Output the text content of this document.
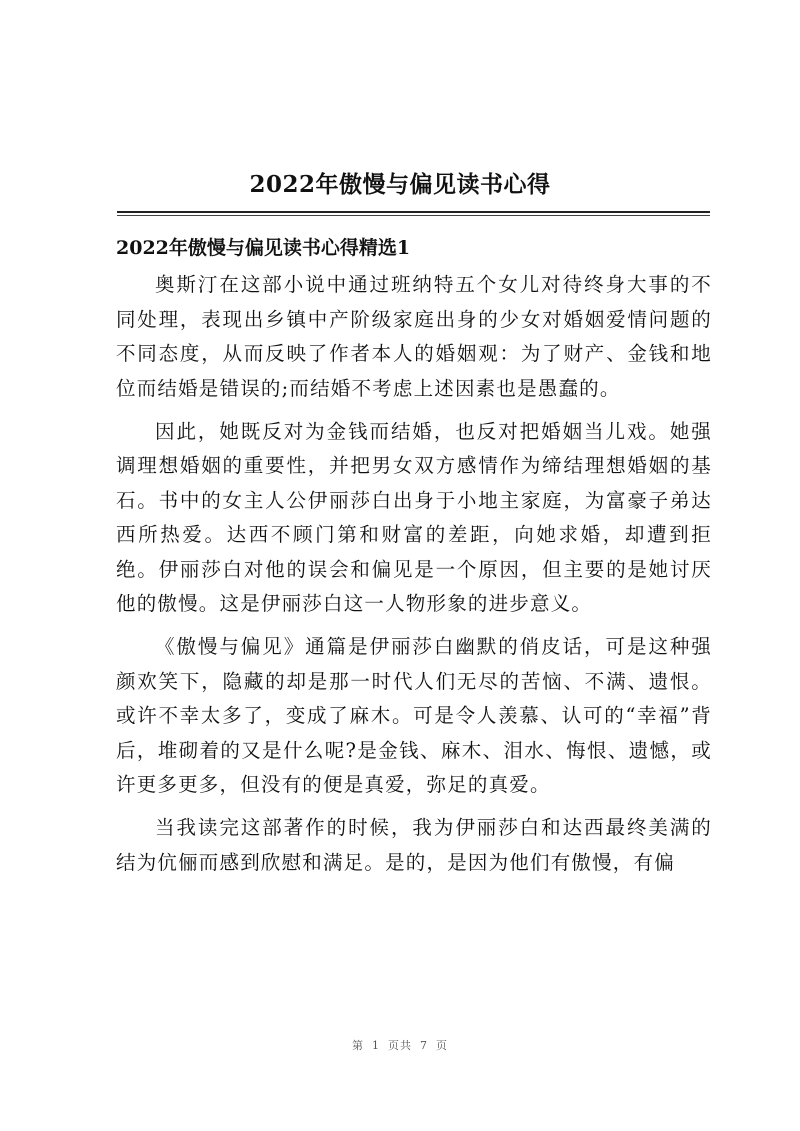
2022年傲慢与偏见读书心得
2022年傲慢与偏见读书心得精选1

奥斯汀在这部小说中通过班纳特五个女儿对待终身大事的不同处理，表现出乡镇中产阶级家庭出身的少女对婚姻爱情问题的不同态度，从而反映了作者本人的婚姻观：为了财产、金钱和地位而结婚是错误的;而结婚不考虑上述因素也是愚蠢的。

因此，她既反对为金钱而结婚，也反对把婚姻当儿戏。她强调理想婚姻的重要性，并把男女双方感情作为缔结理想婚姻的基石。书中的女主人公伊丽莎白出身于小地主家庭，为富豪子弟达西所热爱。达西不顾门第和财富的差距，向她求婚，却遭到拒绝。伊丽莎白对他的误会和偏见是一个原因，但主要的是她讨厌他的傲慢。这是伊丽莎白这一人物形象的进步意义。

《傲慢与偏见》通篇是伊丽莎白幽默的俏皮话，可是这种强颜欢笑下，隐藏的却是那一时代人们无尽的苦恼、不满、遗恨。或许不幸太多了，变成了麻木。可是令人羡慕、认可的“幸福”背后，堆砌着的又是什么呢?是金钱、麻木、泪水、悔恨、遗憾，或许更多更多，但没有的便是真爱，弥足的真爱。

当我读完这部著作的时候，我为伊丽莎白和达西最终美满的结为伉俪而感到欣慰和满足。是的，是因为他们有傲慢，有偏

第 1 页共 7 页
